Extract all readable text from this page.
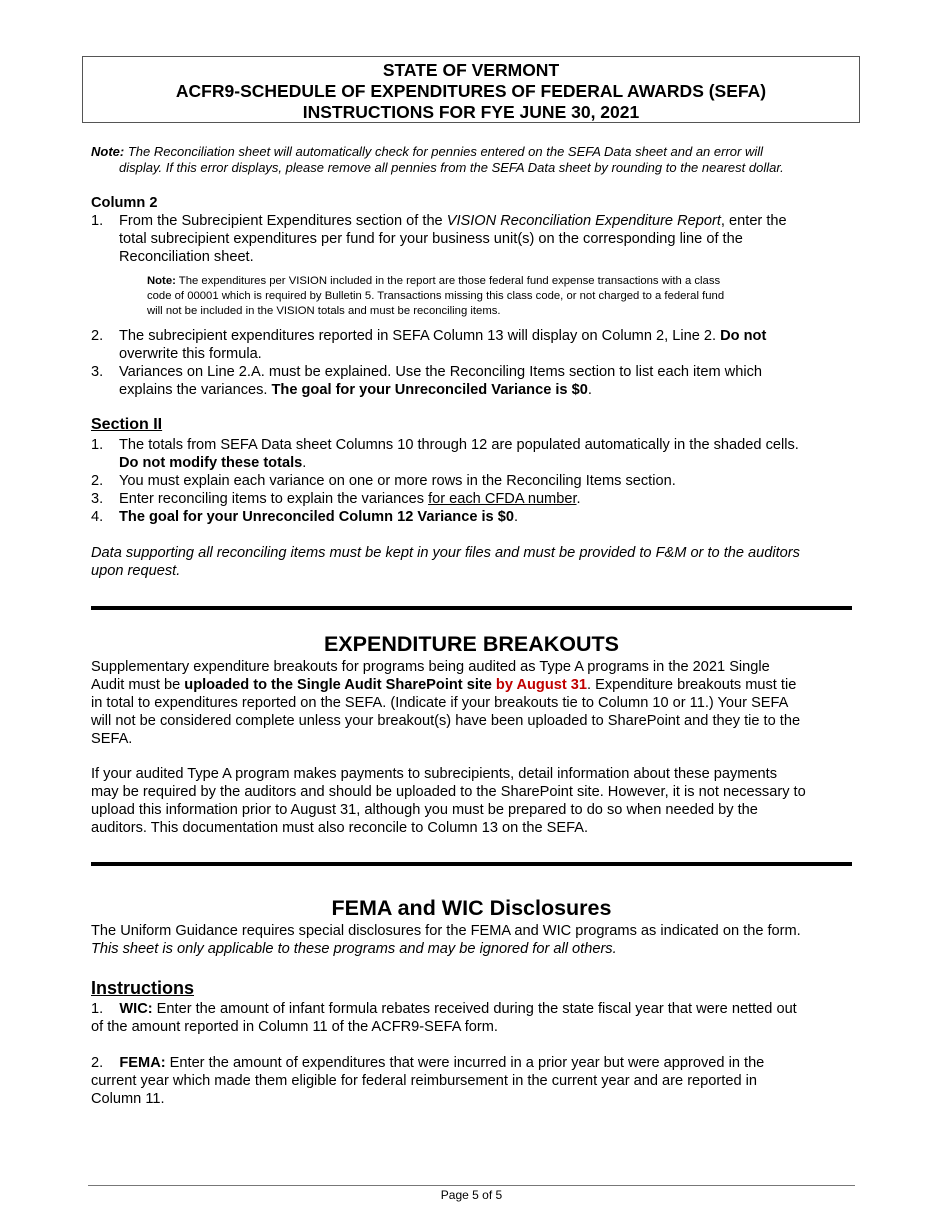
STATE OF VERMONT
ACFR9-SCHEDULE OF EXPENDITURES OF FEDERAL AWARDS (SEFA)
INSTRUCTIONS FOR FYE JUNE 30, 2021
Note: The Reconciliation sheet will automatically check for pennies entered on the SEFA Data sheet and an error will
display. If this error displays, please remove all pennies from the SEFA Data sheet by rounding to the nearest dollar.
Column 2
1. From the Subrecipient Expenditures section of the VISION Reconciliation Expenditure Report, enter the
total subrecipient expenditures per fund for your business unit(s) on the corresponding line of the
Reconciliation sheet.
Note: The expenditures per VISION included in the report are those federal fund expense transactions with a class
code of 00001 which is required by Bulletin 5. Transactions missing this class code, or not charged to a federal fund
will not be included in the VISION totals and must be reconciling items.
2. The subrecipient expenditures reported in SEFA Column 13 will display on Column 2, Line 2. Do not
overwrite this formula.
3. Variances on Line 2.A. must be explained. Use the Reconciling Items section to list each item which
explains the variances. The goal for your Unreconciled Variance is $0.
Section II
1. The totals from SEFA Data sheet Columns 10 through 12 are populated automatically in the shaded cells.
Do not modify these totals.
2. You must explain each variance on one or more rows in the Reconciling Items section.
3. Enter reconciling items to explain the variances for each CFDA number.
4. The goal for your Unreconciled Column 12 Variance is $0.
Data supporting all reconciling items must be kept in your files and must be provided to F&M or to the auditors
upon request.
EXPENDITURE BREAKOUTS
Supplementary expenditure breakouts for programs being audited as Type A programs in the 2021 Single
Audit must be uploaded to the Single Audit SharePoint site by August 31. Expenditure breakouts must tie
in total to expenditures reported on the SEFA. (Indicate if your breakouts tie to Column 10 or 11.) Your SEFA
will not be considered complete unless your breakout(s) have been uploaded to SharePoint and they tie to the
SEFA.
If your audited Type A program makes payments to subrecipients, detail information about these payments
may be required by the auditors and should be uploaded to the SharePoint site. However, it is not necessary to
upload this information prior to August 31, although you must be prepared to do so when needed by the
auditors. This documentation must also reconcile to Column 13 on the SEFA.
FEMA and WIC Disclosures
The Uniform Guidance requires special disclosures for the FEMA and WIC programs as indicated on the form.
This sheet is only applicable to these programs and may be ignored for all others.
Instructions
1. WIC: Enter the amount of infant formula rebates received during the state fiscal year that were netted out
of the amount reported in Column 11 of the ACFR9-SEFA form.
2. FEMA: Enter the amount of expenditures that were incurred in a prior year but were approved in the
current year which made them eligible for federal reimbursement in the current year and are reported in
Column 11.
Page 5 of 5
